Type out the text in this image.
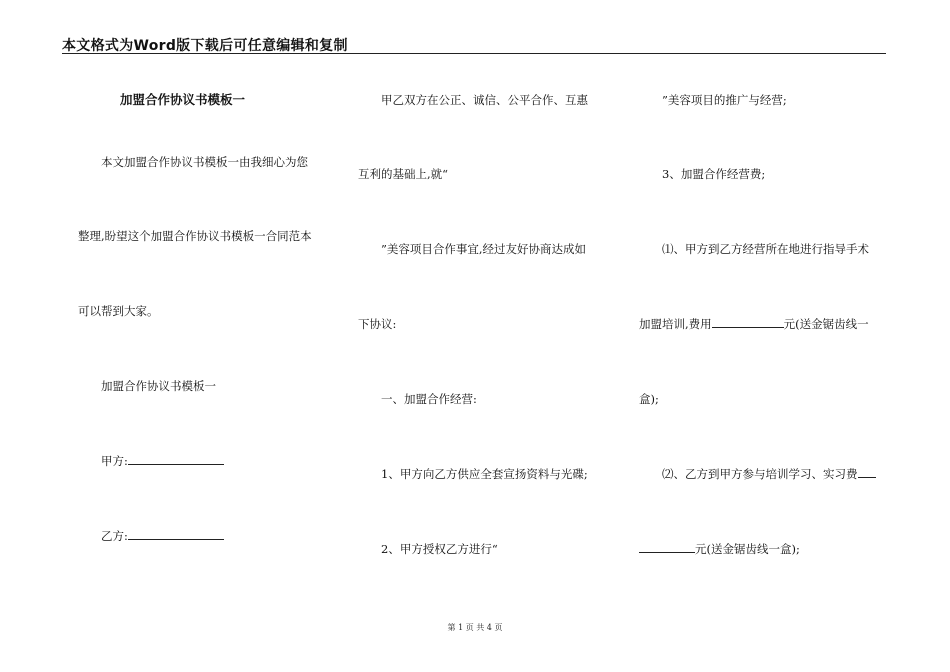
本文格式为Word版下载后可任意编辑和复制
加盟合作协议书模板一
本文加盟合作协议书模板一由我细心为您
整理,盼望这个加盟合作协议书模板一合同范本
可以帮到大家。
加盟合作协议书模板一
甲方:
乙方:
甲乙双方在公正、诚信、公平合作、互惠
互利的基础上,就“
”美容项目合作事宜,经过友好协商达成如
下协议:
一、加盟合作经营:
1、甲方向乙方供应全套宣扬资料与光碟;
2、甲方授权乙方进行“
”美容项目的推广与经营;
3、加盟合作经营费;
⑴、甲方到乙方经营所在地进行指导手术
加盟培训,费用	元(送金锯齿线一
盒);
⑵、乙方到甲方参与培训学习、实习费
元(送金锯齿线一盒);
第 1 页 共 4 页
